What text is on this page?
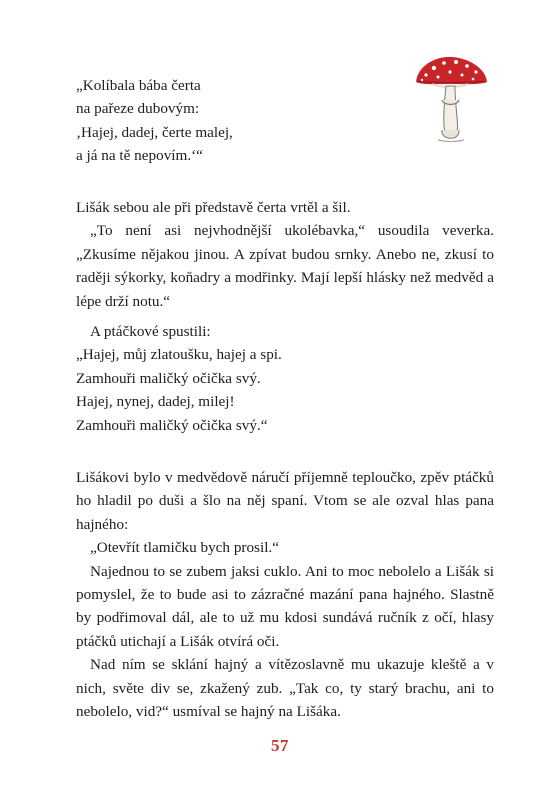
„Kolíbala bába čerta
na pařeze dubovým:
‚Hajej, dadej, čerte malej,
a já na tě nepovím.‘“

Lišák sebou ale při představě čerta vrtěl a šil.

„To není asi nejvhodnější ukolébavka,“ usoudila veverka. „Zkusíme nějakou jinou. A zpívat budou srnky. Anebo ne, zkusí to raději sýkorky, koňadry a modřinky. Mají lepší hlásky než medvěd a lépe drží notu.“

A ptáčkové spustili:
„Hajej, můj zlatoušku, hajej a spi.
Zamhouři maličký očička svý.
Hajej, nynej, dadej, milej!
Zamhouři maličký očička svý.“

Lišákovi bylo v medvědově náručí příjemně teploučko, zpěv ptáčků ho hladil po duši a šlo na něj spaní. Vtom se ale ozval hlas pana hajného:

„Otevřít tlamičku bych prosil.“

Najednou to se zubem jaksi cuklo. Ani to moc nebolelo a Lišák si pomyslel, že to bude asi to zázračné mazání pana hajného. Slastně by podřimoval dál, ale to už mu kdosi sundává ručník z očí, hlasy ptáčků utichají a Lišák otvírá oči.

Nad ním se sklání hajný a vítězoslavně mu ukazuje kleště a v nich, světe div se, zkažený zub. „Tak co, ty starý brachu, ani to nebolelo, vid?“ usmíval se hajný na Lišáka.

57
